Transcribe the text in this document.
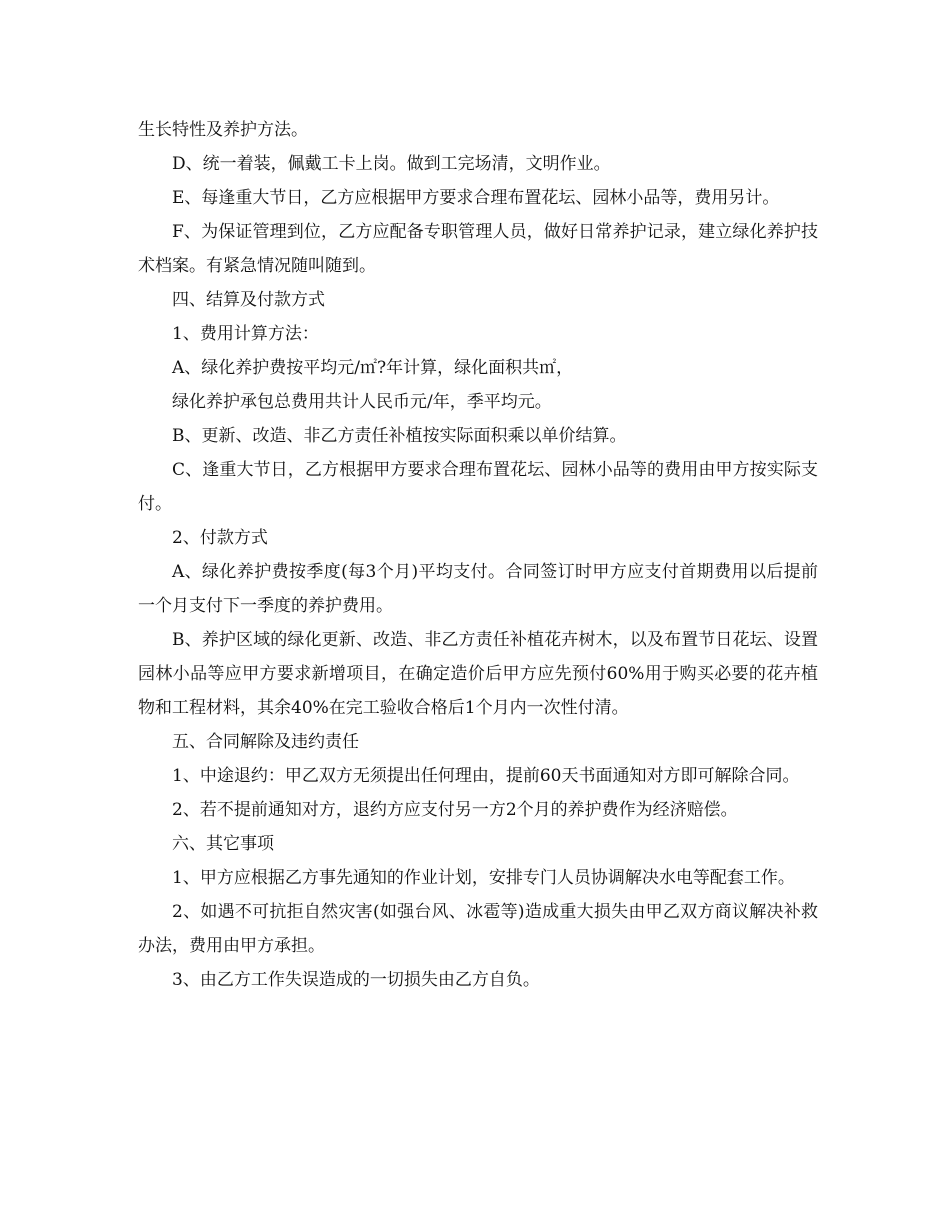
生长特性及养护方法。

D、统一着装，佩戴工卡上岗。做到工完场清，文明作业。

E、每逢重大节日，乙方应根据甲方要求合理布置花坛、园林小品等，费用另计。

F、为保证管理到位，乙方应配备专职管理人员，做好日常养护记录，建立绿化养护技术档案。有紧急情况随叫随到。

四、结算及付款方式

1、费用计算方法：

A、绿化养护费按平均元/㎡?年计算，绿化面积共㎡，

绿化养护承包总费用共计人民币元/年，季平均元。

B、更新、改造、非乙方责任补植按实际面积乘以单价结算。

C、逢重大节日，乙方根据甲方要求合理布置花坛、园林小品等的费用由甲方按实际支付。

2、付款方式

A、绿化养护费按季度(每3个月)平均支付。合同签订时甲方应支付首期费用以后提前一个月支付下一季度的养护费用。

B、养护区域的绿化更新、改造、非乙方责任补植花卉树木，以及布置节日花坛、设置园林小品等应甲方要求新增项目，在确定造价后甲方应先预付60%用于购买必要的花卉植物和工程材料，其余40%在完工验收合格后1个月内一次性付清。

五、合同解除及违约责任

1、中途退约：甲乙双方无须提出任何理由，提前60天书面通知对方即可解除合同。

2、若不提前通知对方，退约方应支付另一方2个月的养护费作为经济赔偿。

六、其它事项

1、甲方应根据乙方事先通知的作业计划，安排专门人员协调解决水电等配套工作。

2、如遇不可抗拒自然灾害(如强台风、冰雹等)造成重大损失由甲乙双方商议解决补救办法，费用由甲方承担。

3、由乙方工作失误造成的一切损失由乙方自负。
